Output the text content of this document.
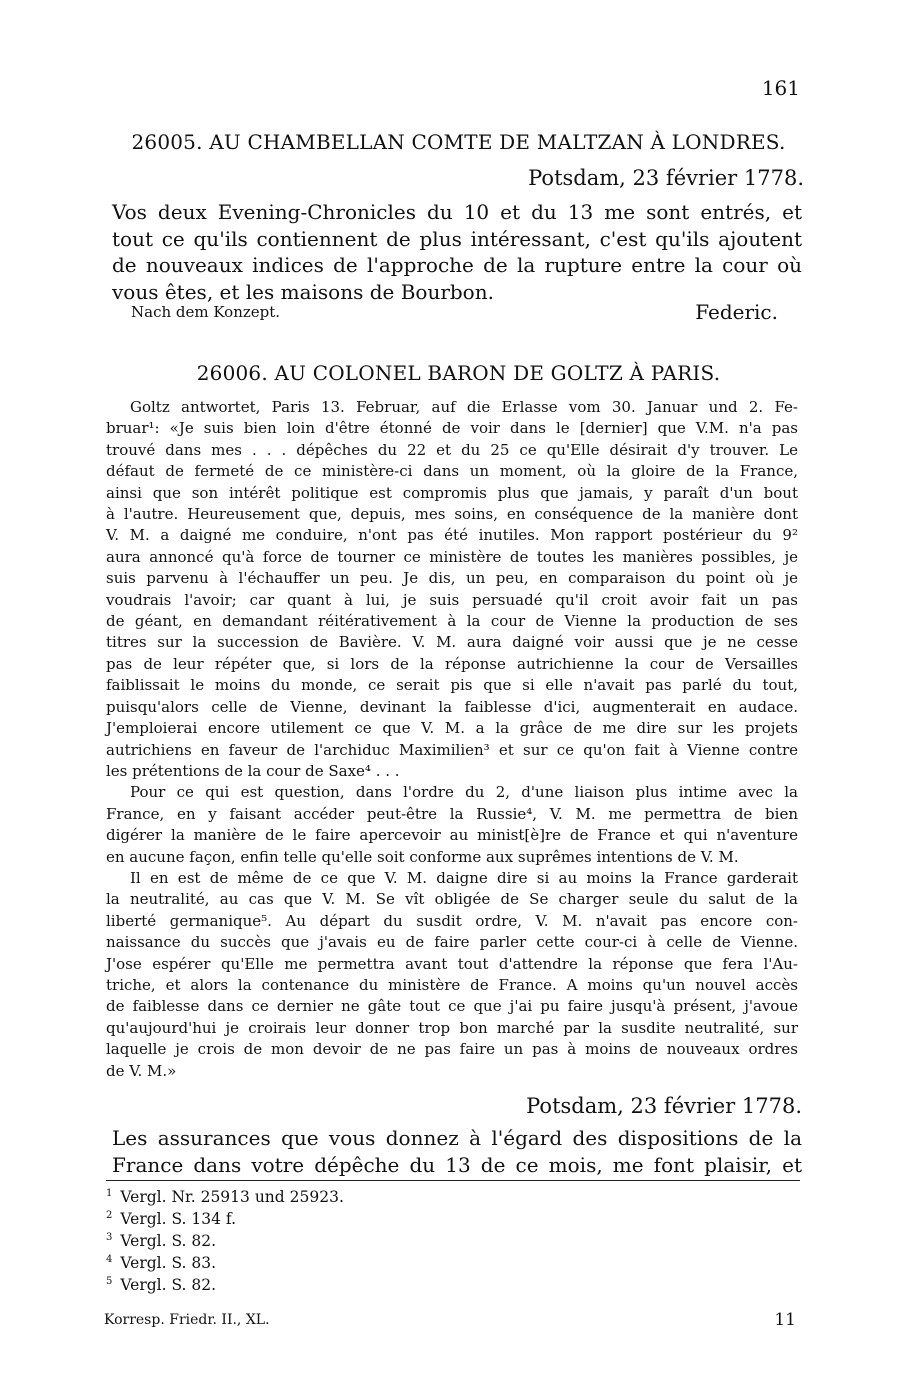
161
26005. AU CHAMBELLAN COMTE DE MALTZAN À LONDRES.
Potsdam, 23 février 1778.
Vos deux Evening-Chronicles du 10 et du 13 me sont entrés, et
tout ce qu'ils contiennent de plus intéressant, c'est qu'ils ajoutent
de nouveaux indices de l'approche de la rupture entre la cour où
vous êtes, et les maisons de Bourbon.
Nach dem Konzept.	Federic.
26006. AU COLONEL BARON DE GOLTZ À PARIS.
Goltz antwortet, Paris 13. Februar, auf die Erlasse vom 30. Januar und 2. Fe-
bruar¹: «Je suis bien loin d'être étonné de voir dans le [dernier] que V.M. n'a pas
trouvé dans mes . . . dépêches du 22 et du 25 ce qu'Elle désirait d'y trouver. Le
défaut de fermeté de ce ministère-ci dans un moment, où la gloire de la France,
ainsi que son intérêt politique est compromis plus que jamais, y paraît d'un bout
à l'autre. Heureusement que, depuis, mes soins, en conséquence de la manière dont
V. M. a daigné me conduire, n'ont pas été inutiles. Mon rapport postérieur du 9²
aura annoncé qu'à force de tourner ce ministère de toutes les manières possibles, je
suis parvenu à l'échauffer un peu. Je dis, un peu, en comparaison du point où je
voudrais l'avoir; car quant à lui, je suis persuadé qu'il croit avoir fait un pas
de géant, en demandant réitérativement à la cour de Vienne la production de ses
titres sur la succession de Bavière. V. M. aura daigné voir aussi que je ne cesse
pas de leur répéter que, si lors de la réponse autrichienne la cour de Versailles
faiblissait le moins du monde, ce serait pis que si elle n'avait pas parlé du tout,
puisqu'alors celle de Vienne, devinant la faiblesse d'ici, augmenterait en audace.
J'emploierai encore utilement ce que V. M. a la grâce de me dire sur les projets
autrichiens en faveur de l'archiduc Maximilien³ et sur ce qu'on fait à Vienne contre
les prétentions de la cour de Saxe⁴ . . .
Pour ce qui est question, dans l'ordre du 2, d'une liaison plus intime avec la
France, en y faisant accéder peut-être la Russie⁴, V. M. me permettra de bien
digérer la manière de le faire apercevoir au minist[è]re de France et qui n'aventure
en aucune façon, enfin telle qu'elle soit conforme aux suprêmes intentions de V. M.
Il en est de même de ce que V. M. daigne dire si au moins la France garderait
la neutralité, au cas que V. M. Se vît obligée de Se charger seule du salut de la
liberté germanique⁵. Au départ du susdit ordre, V. M. n'avait pas encore con-
naissance du succès que j'avais eu de faire parler cette cour-ci à celle de Vienne.
J'ose espérer qu'Elle me permettra avant tout d'attendre la réponse que fera l'Au-
triche, et alors la contenance du ministère de France. A moins qu'un nouvel accès
de faiblesse dans ce dernier ne gâte tout ce que j'ai pu faire jusqu'à présent, j'avoue
qu'aujourd'hui je croirais leur donner trop bon marché par la susdite neutralité, sur
laquelle je crois de mon devoir de ne pas faire un pas à moins de nouveaux ordres
de V. M.»
Potsdam, 23 février 1778.
Les assurances que vous donnez à l'égard des dispositions de la
France dans votre dépêche du 13 de ce mois, me font plaisir, et
$^1$ Vergl. Nr. 25913 und 25923.
$^2$ Vergl. S. 134 f.
$^3$ Vergl. S. 82.
$^4$ Vergl. S. 83.
$^5$ Vergl. S. 82.
Korresp. Friedr. II., XL.	11
